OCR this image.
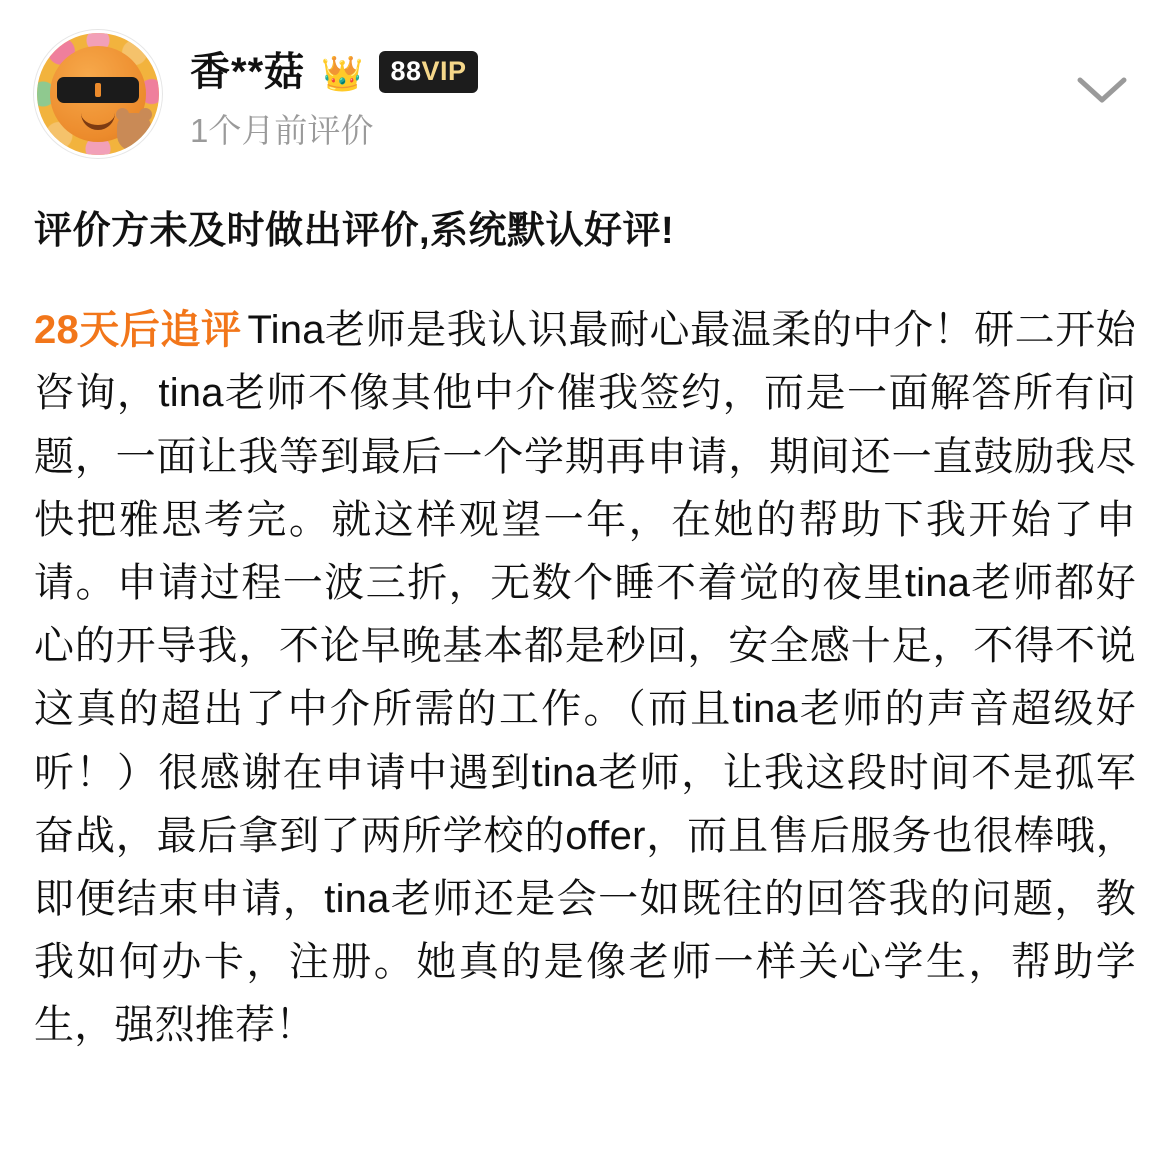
香**菇 👑	88VIP
1个月前评价
评价方未及时做出评价,系统默认好评!
28天后追评 Tina老师是我认识最耐心最温柔的中介！研二开始咨询，tina老师不像其他中介催我签约，而是一面解答所有问题，一面让我等到最后一个学期再申请，期间还一直鼓励我尽快把雅思考完。就这样观望一年，在她的帮助下我开始了申请。申请过程一波三折，无数个睡不着觉的夜里tina老师都好心的开导我，不论早晚基本都是秒回，安全感十足，不得不说这真的超出了中介所需的工作。（而且tina老师的声音超级好听！）很感谢在申请中遇到tina老师，让我这段时间不是孤军奋战，最后拿到了两所学校的offer，而且售后服务也很棒哦，即便结束申请，tina老师还是会一如既往的回答我的问题，教我如何办卡，注册。她真的是像老师一样关心学生，帮助学生，强烈推荐！
